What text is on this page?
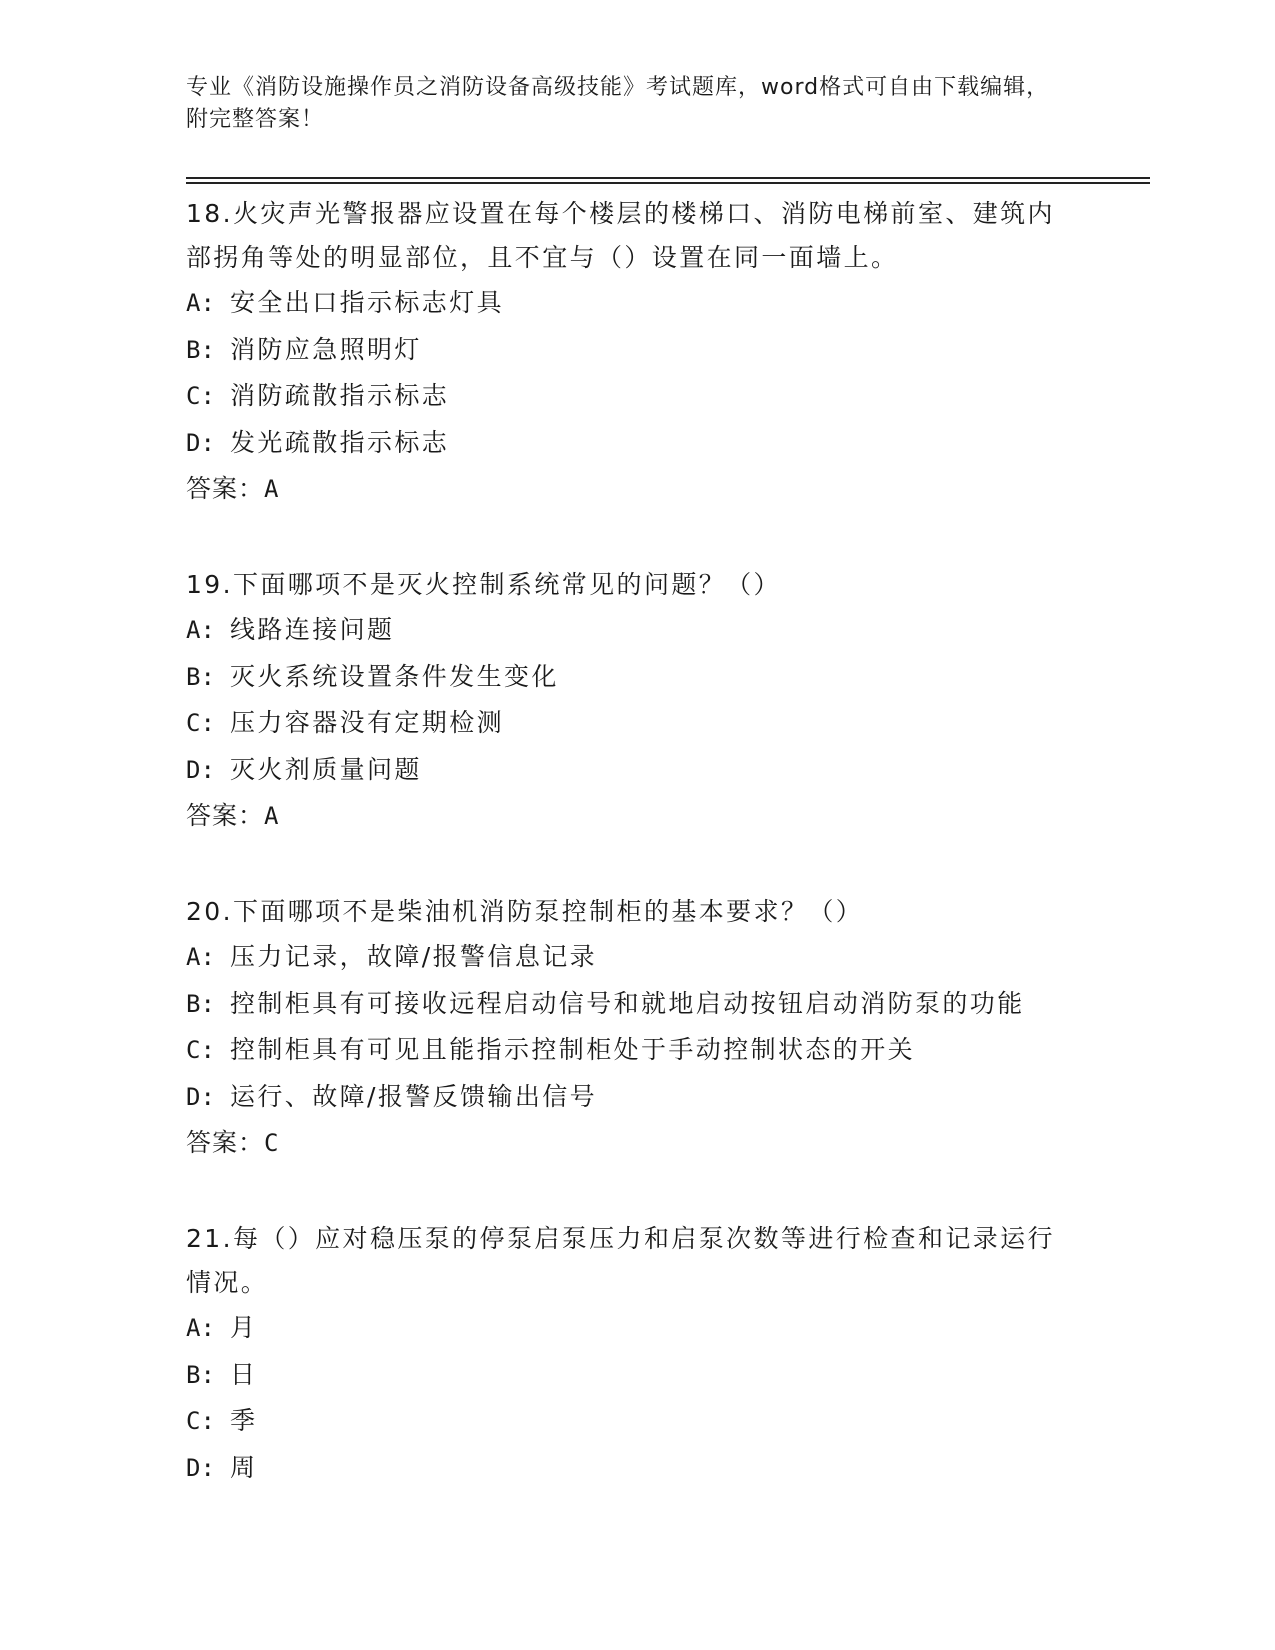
专业《消防设施操作员之消防设备高级技能》考试题库，word格式可自由下载编辑，附完整答案！

18.火灾声光警报器应设置在每个楼层的楼梯口、消防电梯前室、建筑内部拐角等处的明显部位，且不宜与（）设置在同一面墙上。

A: 安全出口指示标志灯具

B: 消防应急照明灯

C: 消防疏散指示标志

D: 发光疏散指示标志

答案：A

19.下面哪项不是灭火控制系统常见的问题？（）

A: 线路连接问题

B: 灭火系统设置条件发生变化

C: 压力容器没有定期检测

D: 灭火剂质量问题

答案：A

20.下面哪项不是柴油机消防泵控制柜的基本要求？（）

A: 压力记录，故障/报警信息记录

B: 控制柜具有可接收远程启动信号和就地启动按钮启动消防泵的功能

C: 控制柜具有可见且能指示控制柜处于手动控制状态的开关

D: 运行、故障/报警反馈输出信号

答案：C

21.每（）应对稳压泵的停泵启泵压力和启泵次数等进行检查和记录运行情况。

A: 月

B: 日

C: 季

D: 周
